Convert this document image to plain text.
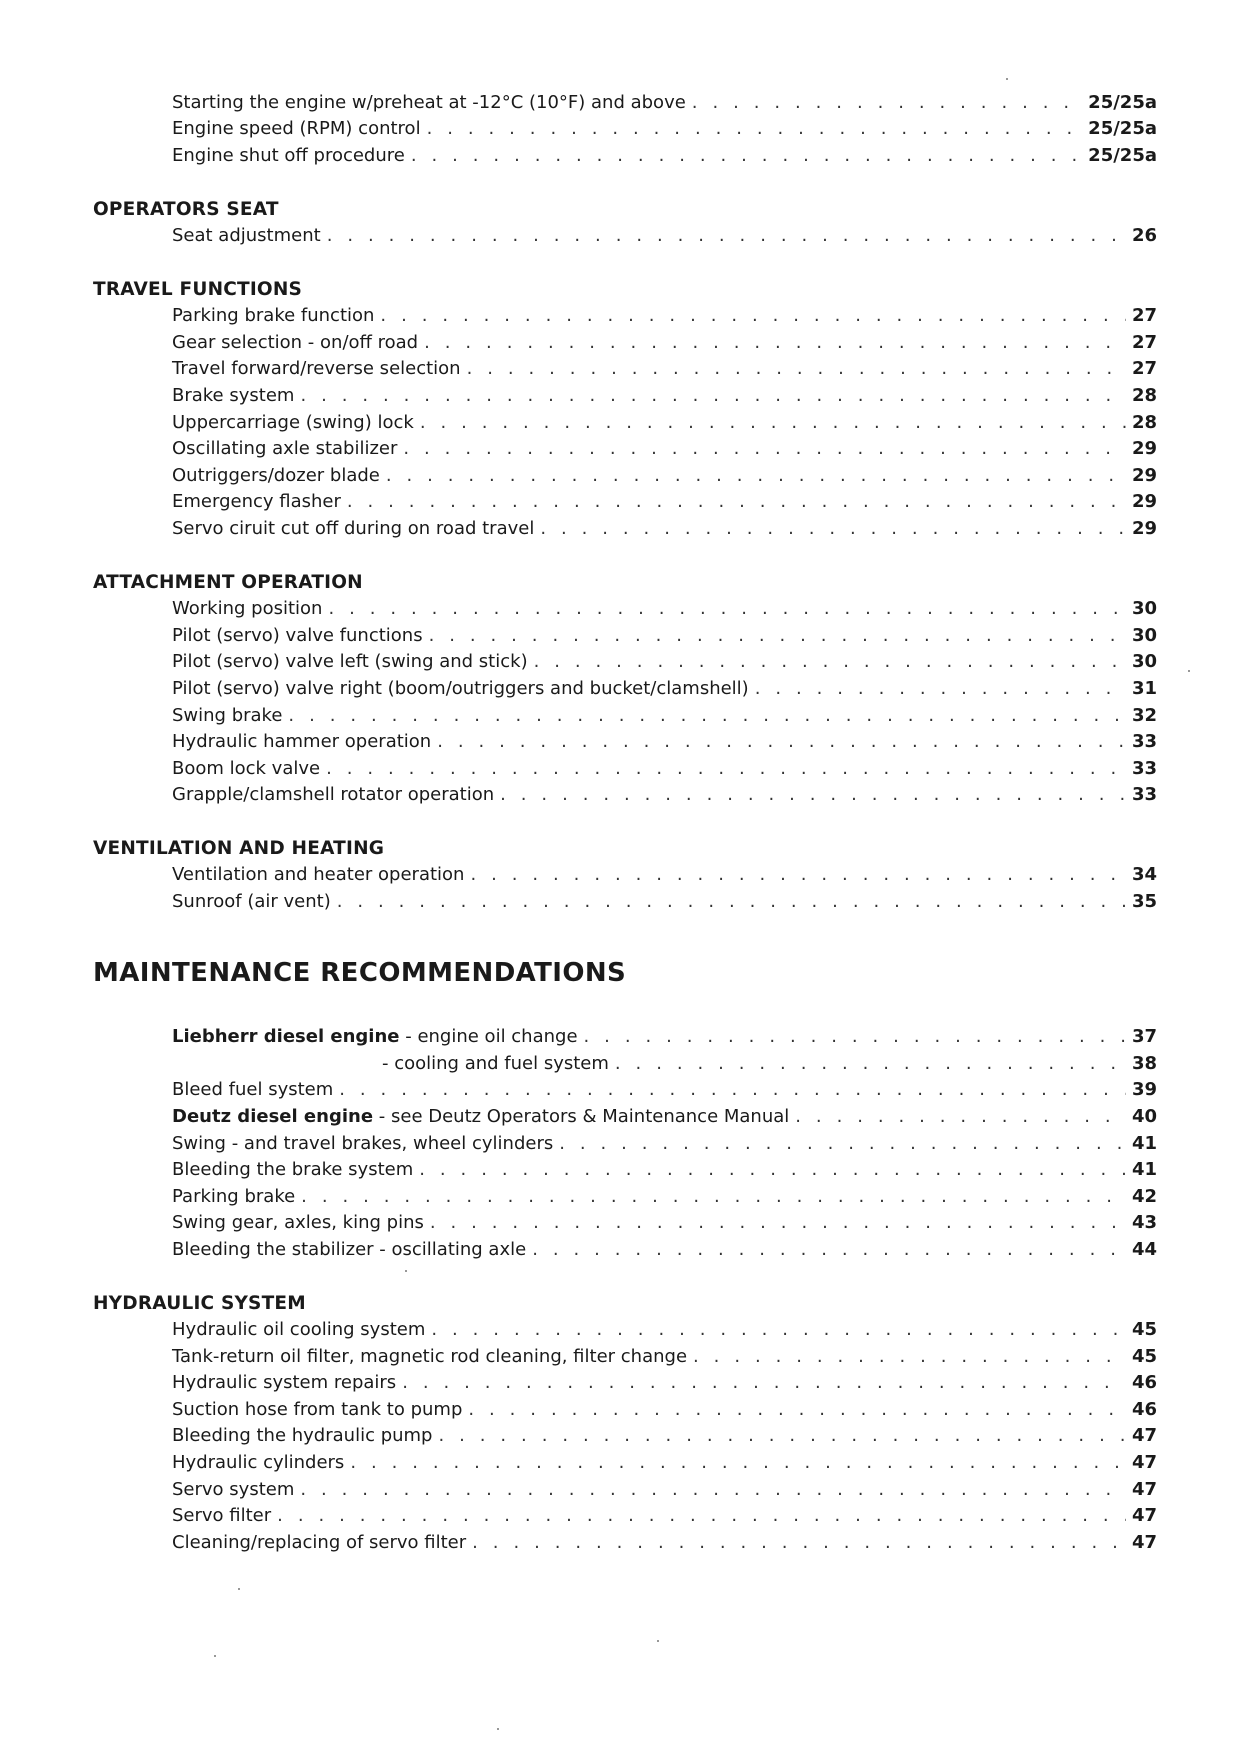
Starting the engine w/preheat at -12°C (10°F) and above . . .	25/25a
Engine speed (RPM) control . . .	25/25a
Engine shut off procedure . . .	25/25a
OPERATORS SEAT
Seat adjustment . . .	26
TRAVEL FUNCTIONS
Parking brake function . . .	27
Gear selection - on/off road . . .	27
Travel forward/reverse selection . . .	27
Brake system . . .	28
Uppercarriage (swing) lock . . .	28
Oscillating axle stabilizer . . .	29
Outriggers/dozer blade . . .	29
Emergency flasher . . .	29
Servo ciruit cut off during on road travel . . .	29
ATTACHMENT OPERATION
Working position . . .	30
Pilot (servo) valve functions . . .	30
Pilot (servo) valve left (swing and stick) . . .	30
Pilot (servo) valve right (boom/outriggers and bucket/clamshell) . . .	31
Swing brake . . .	32
Hydraulic hammer operation . . .	33
Boom lock valve . . .	33
Grapple/clamshell rotator operation . . .	33
VENTILATION AND HEATING
Ventilation and heater operation . . .	34
Sunroof (air vent) . . .	35
MAINTENANCE RECOMMENDATIONS
Liebherr diesel engine - engine oil change . . .	37
- cooling and fuel system . . .	38
Bleed fuel system . . .	39
Deutz diesel engine - see Deutz Operators & Maintenance Manual . . .	40
Swing - and travel brakes, wheel cylinders . . .	41
Bleeding the brake system . . .	41
Parking brake . . .	42
Swing gear, axles, king pins . . .	43
Bleeding the stabilizer - oscillating axle . . .	44
HYDRAULIC SYSTEM
Hydraulic oil cooling system . . .	45
Tank-return oil filter, magnetic rod cleaning, filter change . . .	45
Hydraulic system repairs . . .	46
Suction hose from tank to pump . . .	46
Bleeding the hydraulic pump . . .	47
Hydraulic cylinders . . .	47
Servo system . . .	47
Servo filter . . .	47
Cleaning/replacing of servo filter . . .	47
